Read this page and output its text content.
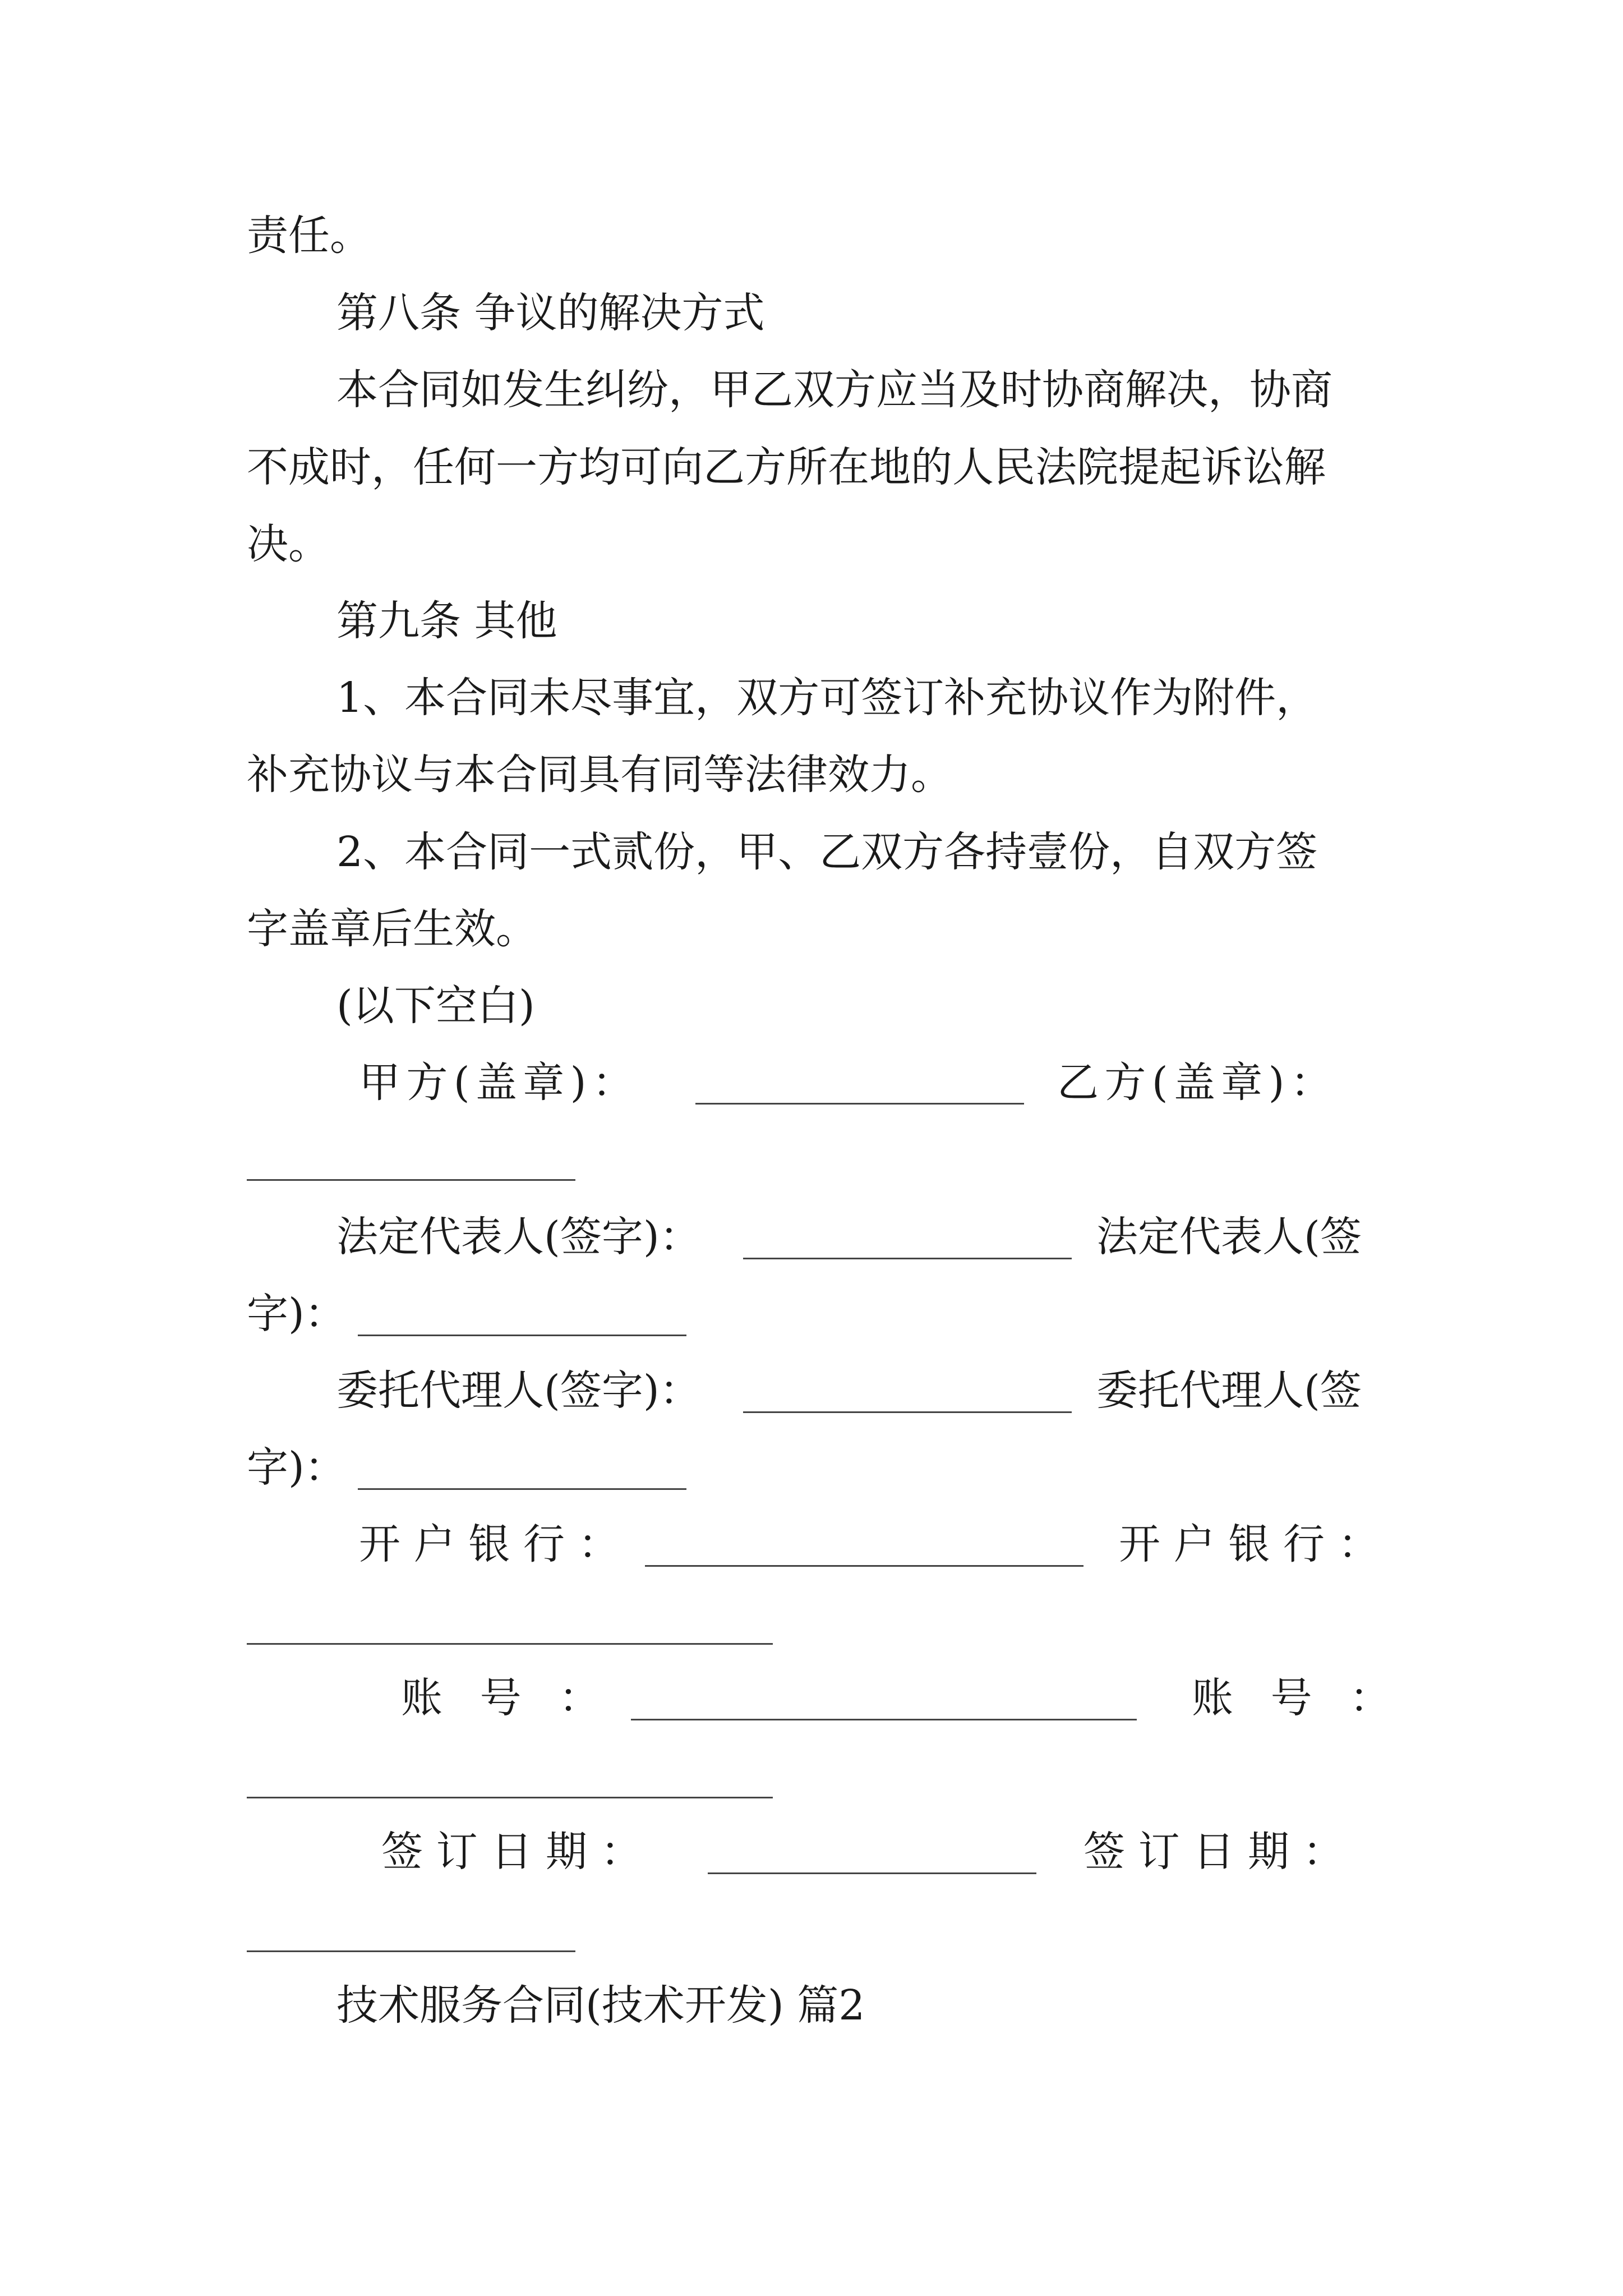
责任。
第八条 争议的解决方式
本合同如发生纠纷，甲乙双方应当及时协商解决，协商
不成时，任何一方均可向乙方所在地的人民法院提起诉讼解
决。
第九条 其他
1、本合同未尽事宜，双方可签订补充协议作为附件，
补充协议与本合同具有同等法律效力。
2、本合同一式贰份，甲、乙双方各持壹份，自双方签
字盖章后生效。
(以下空白)
甲方(盖章)：	乙方(盖章)：
法定代表人(签字)：	法定代表人(签
字)：
委托代理人(签字)：	委托代理人(签
字)：
开户银行：	开户银行：
账号：	账号：
签订日期：	签订日期：
技术服务合同(技术开发) 篇2
